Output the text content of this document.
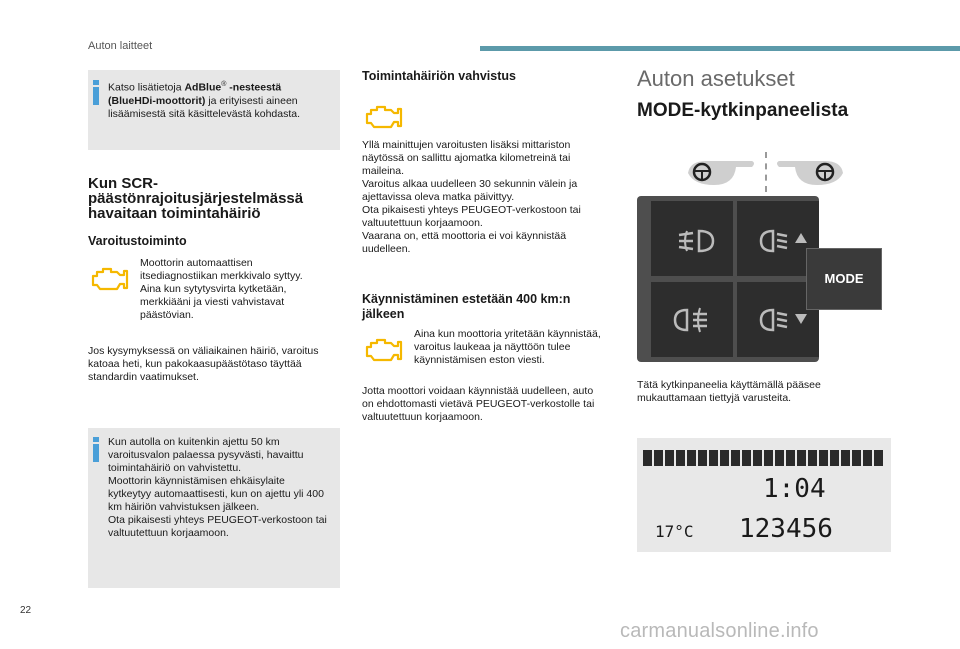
Auton laitteet
Katso lisätietoja AdBlue® -nesteestä (BlueHDi-moottorit) ja erityisesti aineen lisäämisestä sitä käsittelevästä kohdasta.
Kun SCR-päästönrajoitusjärjestelmässä havaitaan toimintahäiriö
Varoitustoiminto
Moottorin automaattisen itsediagnostiikan merkkivalo syttyy. Aina kun sytytysvirta kytketään, merkkiääni ja viesti vahvistavat päästövian.
Jos kysymyksessä on väliaikainen häiriö, varoitus katoaa heti, kun pakokaasupäästötaso täyttää standardin vaatimukset.
Kun autolla on kuitenkin ajettu 50 km varoitusvalon palaessa pysyvästi, havaittu toimintahäiriö on vahvistettu.
Moottorin käynnistämisen ehkäisylaite kytkeytyy automaattisesti, kun on ajettu yli 400 km häiriön vahvistuksen jälkeen.
Ota pikaisesti yhteys PEUGEOT-verkostoon tai valtuutettuun korjaamoon.
Toimintahäiriön vahvistus
Yllä mainittujen varoitusten lisäksi mittariston näytössä on sallittu ajomatka kilometreinä tai maileina.
Varoitus alkaa uudelleen 30 sekunnin välein ja ajettavissa oleva matka päivittyy.
Ota pikaisesti yhteys PEUGEOT-verkostoon tai valtuutettuun korjaamoon.
Vaarana on, että moottoria ei voi käynnistää uudelleen.
Käynnistäminen estetään 400 km:n jälkeen
Aina kun moottoria yritetään käynnistää, varoitus laukeaa ja näyttöön tulee käynnistämisen eston viesti.
Jotta moottori voidaan käynnistää uudelleen, auto on ehdottomasti vietävä PEUGEOT-verkostolle tai valtuutettuun korjaamoon.
Auton asetukset
MODE-kytkinpaneelista
MODE
Tätä kytkinpaneelia käyttämällä pääsee mukauttamaan tiettyjä varusteita.
1:04
17°C 123456
22
carmanualsonline.info
